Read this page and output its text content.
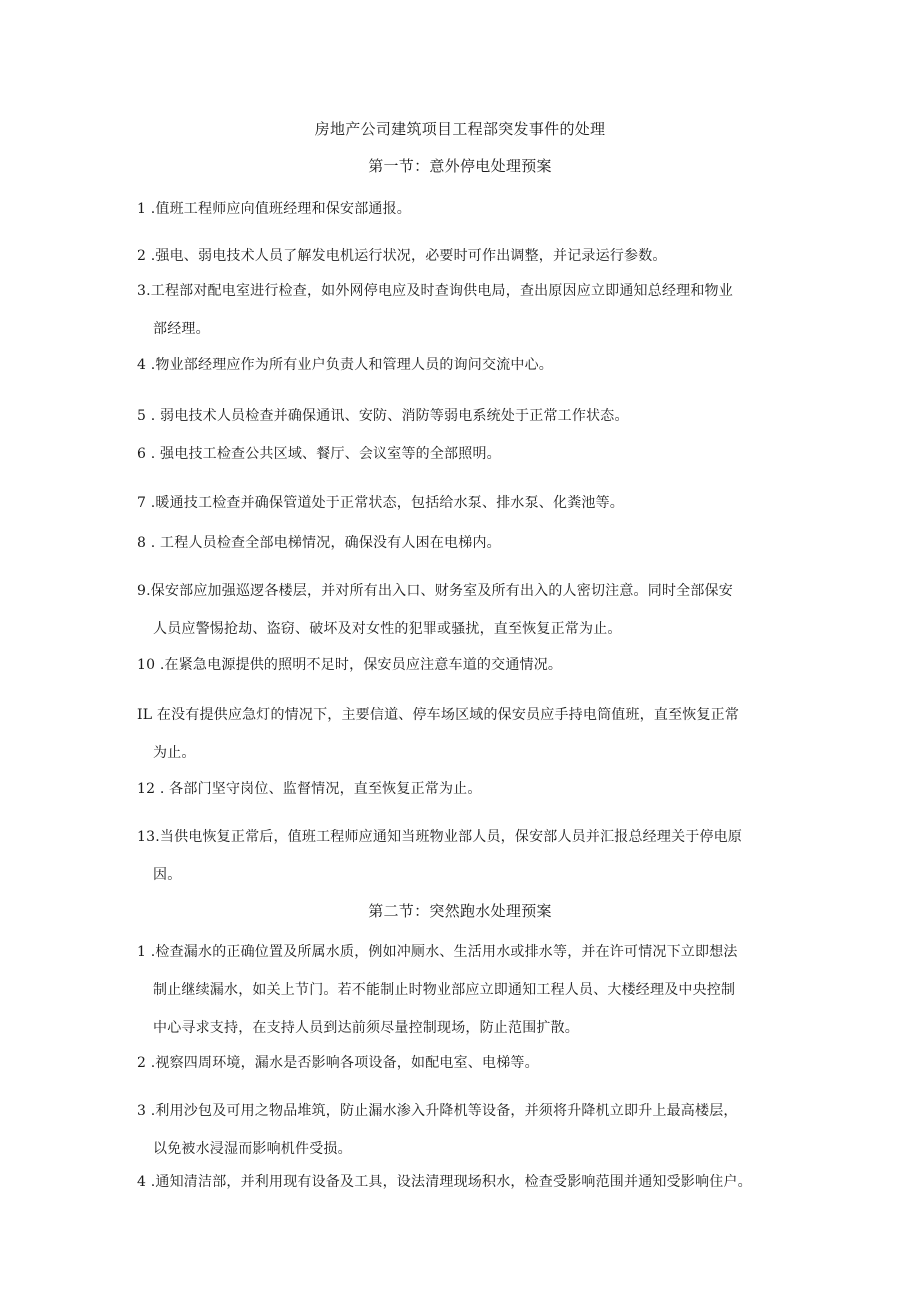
房地产公司建筑项目工程部突发事件的处理
第一节：意外停电处理预案
1 .值班工程师应向值班经理和保安部通报。
2 .强电、弱电技术人员了解发电机运行状况，必要时可作出调整，并记录运行参数。
3.工程部对配电室进行检查，如外网停电应及时查询供电局，查出原因应立即通知总经理和物业
部经理。
4 .物业部经理应作为所有业户负责人和管理人员的询问交流中心。
5 . 弱电技术人员检查并确保通讯、安防、消防等弱电系统处于正常工作状态。
6 . 强电技工检查公共区域、餐厅、会议室等的全部照明。
7 .暖通技工检查并确保管道处于正常状态，包括给水泵、排水泵、化粪池等。
8 . 工程人员检查全部电梯情况，确保没有人困在电梯内。
9.保安部应加强巡逻各楼层，并对所有出入口、财务室及所有出入的人密切注意。同时全部保安
人员应警惕抢劫、盗窃、破坏及对女性的犯罪或骚扰，直至恢复正常为止。
10 .在紧急电源提供的照明不足时，保安员应注意车道的交通情况。
IL 在没有提供应急灯的情况下，主要信道、停车场区域的保安员应手持电筒值班，直至恢复正常
为止。
12 . 各部门坚守岗位、监督情况，直至恢复正常为止。
13.当供电恢复正常后，值班工程师应通知当班物业部人员，保安部人员并汇报总经理关于停电原
因。
第二节：突然跑水处理预案
1 .检查漏水的正确位置及所属水质，例如冲厕水、生活用水或排水等，并在许可情况下立即想法
制止继续漏水，如关上节门。若不能制止时物业部应立即通知工程人员、大楼经理及中央控制
中心寻求支持，在支持人员到达前须尽量控制现场，防止范围扩散。
2 .视察四周环境，漏水是否影响各项设备，如配电室、电梯等。
3 .利用沙包及可用之物品堆筑，防止漏水渗入升降机等设备，并须将升降机立即升上最高楼层，
以免被水浸湿而影响机件受损。
4 .通知清洁部，并利用现有设备及工具，设法清理现场积水，检查受影响范围并通知受影响住户。
